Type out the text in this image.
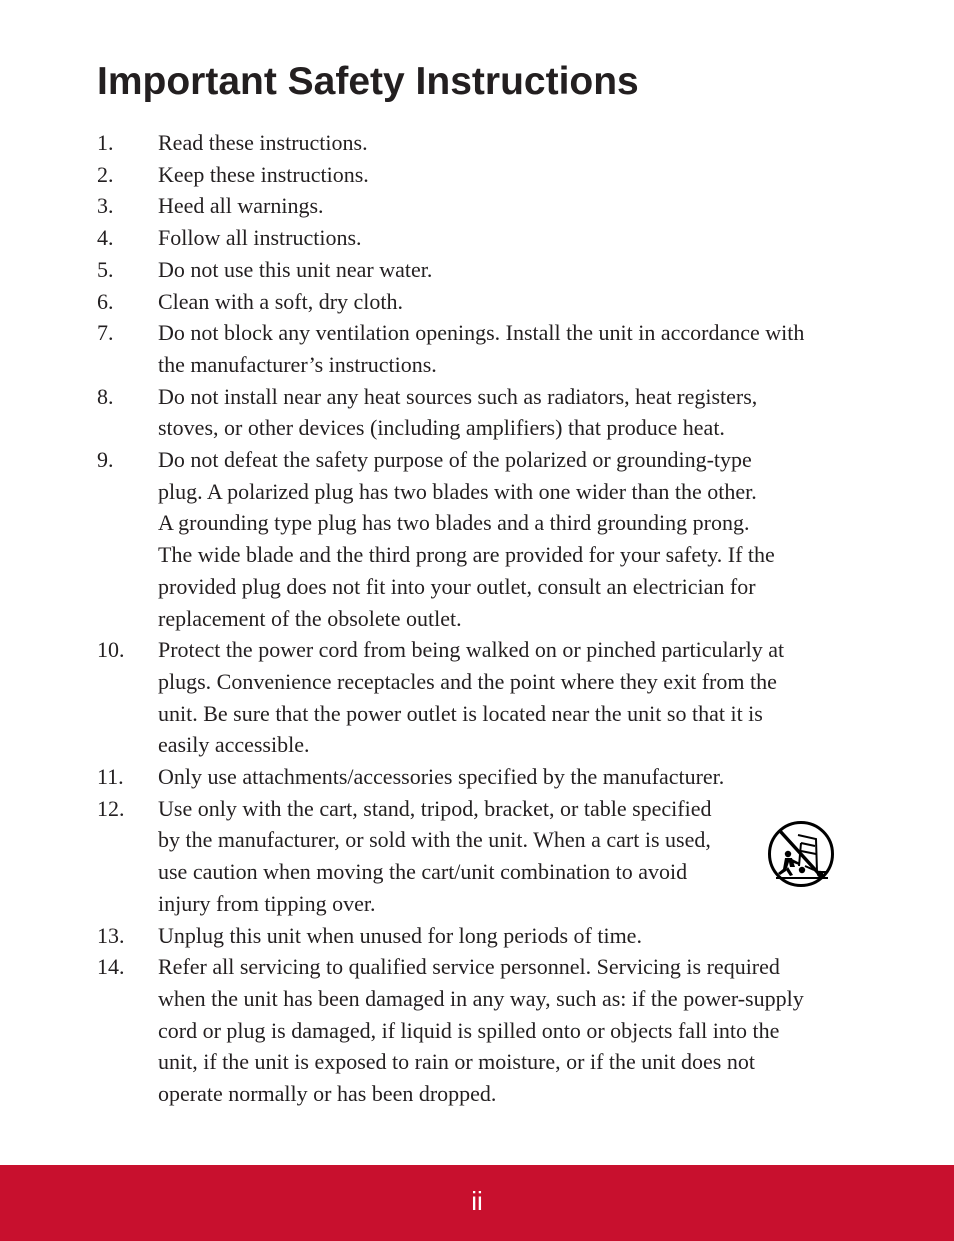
Important Safety Instructions
1.	Read these instructions.
2.	Keep these instructions.
3.	Heed all warnings.
4.	Follow all instructions.
5.	Do not use this unit near water.
6.	Clean with a soft, dry cloth.
7.	Do not block any ventilation openings. Install the unit in accordance with
the manufacturer’s instructions.
8.	Do not install near any heat sources such as radiators, heat registers,
stoves, or other devices (including amplifiers) that produce heat.
9.	Do not defeat the safety purpose of the polarized or grounding-type
plug. A polarized plug has two blades with one wider than the other.
A grounding type plug has two blades and a third grounding prong.
The wide blade and the third prong are provided for your safety. If the
provided plug does not fit into your outlet, consult an electrician for
replacement of the obsolete outlet.
10.	Protect the power cord from being walked on or pinched particularly at
plugs. Convenience receptacles and the point where they exit from the
unit. Be sure that the power outlet is located near the unit so that it is
easily accessible.
11.	Only use attachments/accessories specified by the manufacturer.
12.	Use only with the cart, stand, tripod, bracket, or table specified
by the manufacturer, or sold with the unit. When a cart is used,
use caution when moving the cart/unit combination to avoid
injury from tipping over.
13.	Unplug this unit when unused for long periods of time.
14.	Refer all servicing to qualified service personnel. Servicing is required
when the unit has been damaged in any way, such as: if the power-supply
cord or plug is damaged, if liquid is spilled onto or objects fall into the
unit, if the unit is exposed to rain or moisture, or if the unit does not
operate normally or has been dropped.
ii
